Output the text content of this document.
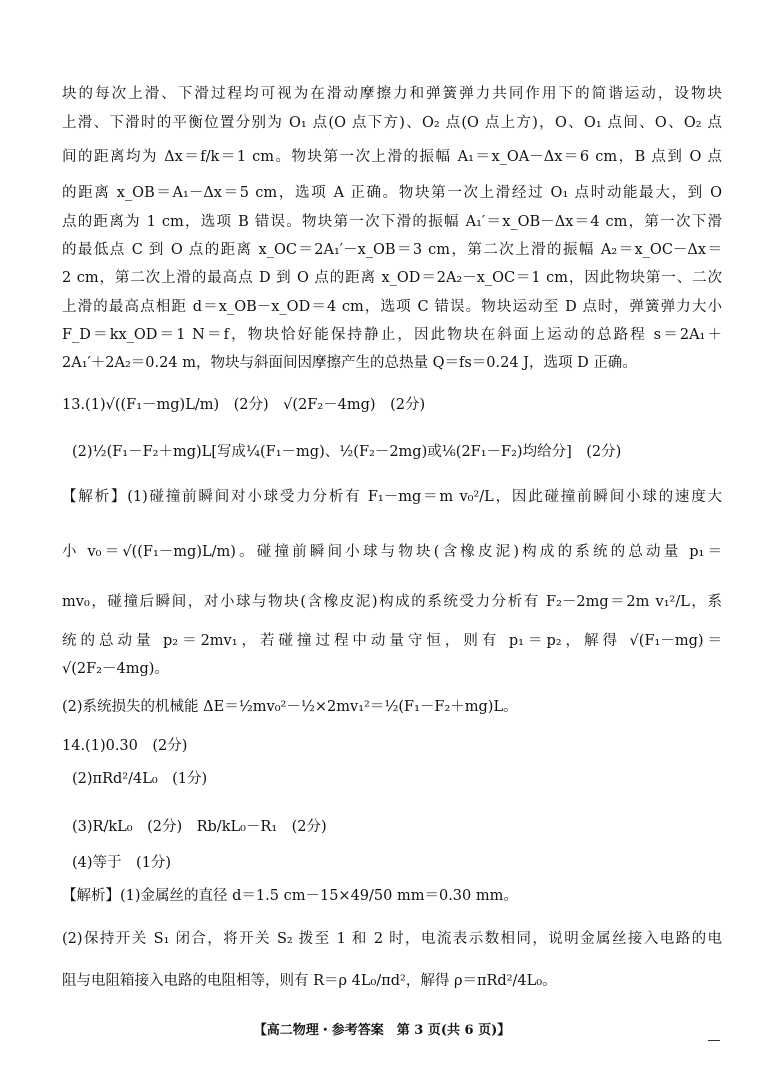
块的每次上滑、下滑过程均可视为在滑动摩擦力和弹簧弹力共同作用下的简谐运动，设物块
上滑、下滑时的平衡位置分别为 O₁ 点(O 点下方)、O₂ 点(O 点上方)，O、O₁ 点间、O、O₂ 点
间的距离均为 Δx＝f/k＝1 cm。物块第一次上滑的振幅 A₁＝x_OA－Δx＝6 cm，B 点到 O 点
的距离 x_OB＝A₁－Δx＝5 cm，选项 A 正确。物块第一次上滑经过 O₁ 点时动能最大，到 O
点的距离为 1 cm，选项 B 错误。物块第一次下滑的振幅 A₁′＝x_OB－Δx＝4 cm，第一次下滑
的最低点 C 到 O 点的距离 x_OC＝2A₁′－x_OB＝3 cm，第二次上滑的振幅 A₂＝x_OC－Δx＝
2 cm，第二次上滑的最高点 D 到 O 点的距离 x_OD＝2A₂－x_OC＝1 cm，因此物块第一、二次
上滑的最高点相距 d＝x_OB－x_OD＝4 cm，选项 C 错误。物块运动至 D 点时，弹簧弹力大小
F_D＝kx_OD＝1 N＝f，物块恰好能保持静止，因此物块在斜面上运动的总路程 s＝2A₁＋
2A₁′＋2A₂＝0.24 m，物块与斜面间因摩擦产生的总热量 Q＝fs＝0.24 J，选项 D 正确。
13.(1)√((F₁－mg)L/m)　(2分)　√(2F₂－4mg)　(2分)
(2)½(F₁－F₂＋mg)L[写成¼(F₁－mg)、½(F₂－2mg)或⅙(2F₁－F₂)均给分]　(2分)
【解析】(1)碰撞前瞬间对小球受力分析有 F₁－mg＝m v₀²/L，因此碰撞前瞬间小球的速度大
小 v₀＝√((F₁－mg)L/m)。碰撞前瞬间小球与物块(含橡皮泥)构成的系统的总动量 p₁＝
mv₀，碰撞后瞬间，对小球与物块(含橡皮泥)构成的系统受力分析有 F₂－2mg＝2m v₁²/L，系
统的总动量 p₂＝2mv₁，若碰撞过程中动量守恒，则有 p₁＝p₂，解得 √(F₁－mg)＝
√(2F₂－4mg)。
(2)系统损失的机械能 ΔE＝½mv₀²－½×2mv₁²＝½(F₁－F₂＋mg)L。
14.(1)0.30　(2分)
(2)πRd²/4L₀　(1分)
(3)R/kL₀　(2分)　Rb/kL₀－R₁　(2分)
(4)等于　(1分)
【解析】(1)金属丝的直径 d＝1.5 cm－15×49/50 mm＝0.30 mm。
(2)保持开关 S₁ 闭合，将开关 S₂ 拨至 1 和 2 时，电流表示数相同，说明金属丝接入电路的电
阻与电阻箱接入电路的电阻相等，则有 R＝ρ 4L₀/πd²，解得 ρ＝πRd²/4L₀。
【高二物理・参考答案　第 3 页(共 6 页)】
